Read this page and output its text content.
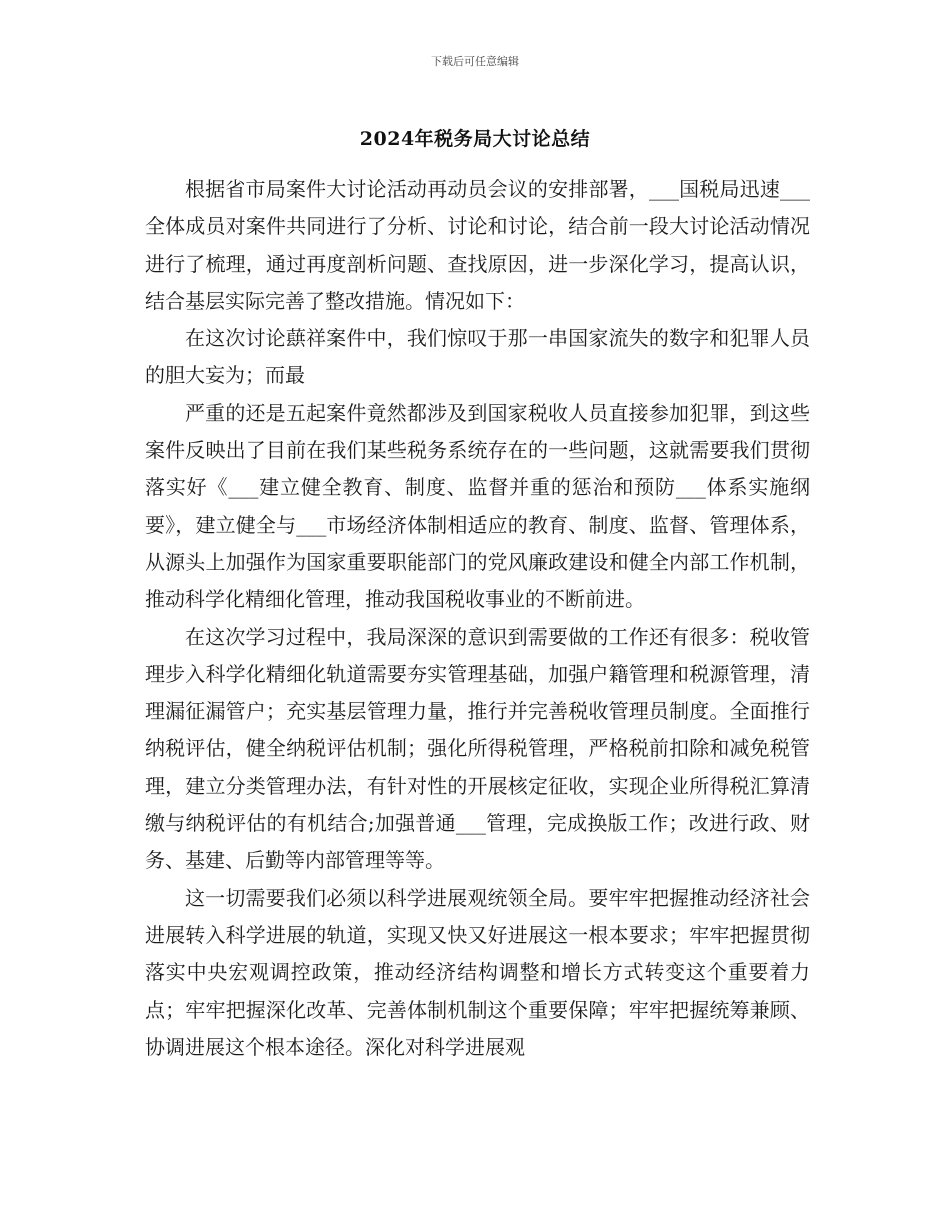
下载后可任意编辑
2024年税务局大讨论总结

根据省市局案件大讨论活动再动员会议的安排部署，___国税局迅速___全体成员对案件共同进行了分析、讨论和讨论，结合前一段大讨论活动情况进行了梳理，通过再度剖析问题、查找原因，进一步深化学习，提高认识，结合基层实际完善了整改措施。情况如下：

在这次讨论蕻祥案件中，我们惊叹于那一串国家流失的数字和犯罪人员的胆大妄为；而最

严重的还是五起案件竟然都涉及到国家税收人员直接参加犯罪，到这些案件反映出了目前在我们某些税务系统存在的一些问题，这就需要我们贯彻落实好《___建立健全教育、制度、监督并重的惩治和预防___体系实施纲要》，建立健全与___市场经济体制相适应的教育、制度、监督、管理体系，从源头上加强作为国家重要职能部门的党风廉政建设和健全内部工作机制，推动科学化精细化管理，推动我国税收事业的不断前进。

在这次学习过程中，我局深深的意识到需要做的工作还有很多：税收管理步入科学化精细化轨道需要夯实管理基础，加强户籍管理和税源管理，清理漏征漏管户；充实基层管理力量，推行并完善税收管理员制度。全面推行纳税评估，健全纳税评估机制；强化所得税管理，严格税前扣除和减免税管理，建立分类管理办法，有针对性的开展核定征收，实现企业所得税汇算清缴与纳税评估的有机结合;加强普通___管理，完成换版工作；改进行政、财务、基建、后勤等内部管理等等。

这一切需要我们必须以科学进展观统领全局。要牢牢把握推动经济社会进展转入科学进展的轨道，实现又快又好进展这一根本要求；牢牢把握贯彻落实中央宏观调控政策，推动经济结构调整和增长方式转变这个重要着力点；牢牢把握深化改革、完善体制机制这个重要保障；牢牢把握统筹兼顾、协调进展这个根本途径。深化对科学进展观
